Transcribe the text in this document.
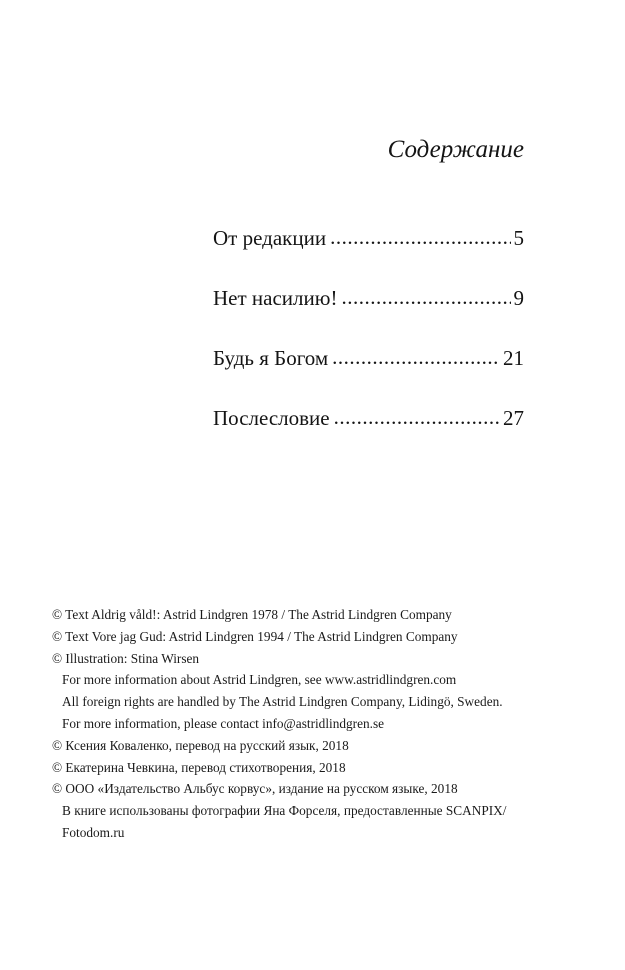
Содержание
От редакции .....	5
Нет насилию! .....	9
Будь я Богом .....	21
Послесловие .....	27
© Text Aldrig våld!: Astrid Lindgren 1978 / The Astrid Lindgren Company
© Text Vore jag Gud: Astrid Lindgren 1994 / The Astrid Lindgren Company
© Illustration: Stina Wirsen
For more information about Astrid Lindgren, see www.astridlindgren.com
All foreign rights are handled by The Astrid Lindgren Company, Lidingö, Sweden.
For more information, please contact info@astridlindgren.se
© Ксения Коваленко, перевод на русский язык, 2018
© Екатерина Чевкина, перевод стихотворения, 2018
© ООО «Издательство Альбус корвус», издание на русском языке, 2018
В книге использованы фотографии Яна Форселя, предоставленные SCANPIX/
Fotodom.ru
